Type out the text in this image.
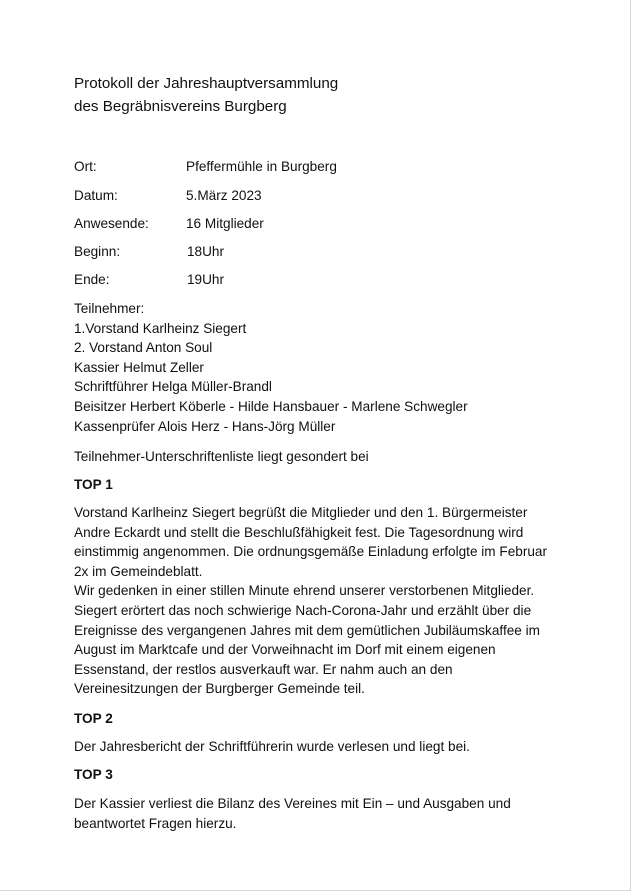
Protokoll der Jahreshauptversammlung
des Begräbnisvereins Burgberg
Ort:	Pfeffermühle in Burgberg
Datum:	5.März 2023
Anwesende:	16 Mitglieder
Beginn:	18Uhr
Ende:	19Uhr
Teilnehmer:
1.Vorstand Karlheinz Siegert
2. Vorstand Anton Soul
Kassier Helmut Zeller
Schriftführer Helga Müller-Brandl
Beisitzer Herbert Köberle - Hilde Hansbauer - Marlene Schwegler
Kassenprüfer Alois Herz - Hans-Jörg Müller
Teilnehmer-Unterschriftenliste liegt gesondert bei
TOP 1
Vorstand Karlheinz Siegert begrüßt die Mitglieder und den 1. Bürgermeister
Andre Eckardt und stellt die Beschlußfähigkeit fest. Die Tagesordnung wird
einstimmig angenommen. Die ordnungsgemäße Einladung erfolgte im Februar
2x im Gemeindeblatt.
Wir gedenken in einer stillen Minute ehrend unserer verstorbenen Mitglieder.
Siegert erörtert das noch schwierige Nach-Corona-Jahr und erzählt über die
Ereignisse des vergangenen Jahres mit dem gemütlichen Jubiläumskaffee im
August im Marktcafe und der Vorweihnacht im Dorf mit einem eigenen
Essenstand, der restlos ausverkauft war. Er nahm auch an den
Vereinesitzungen der Burgberger Gemeinde teil.
TOP 2
Der Jahresbericht der Schriftführerin wurde verlesen und liegt bei.
TOP 3
Der Kassier verliest die Bilanz des Vereines mit Ein – und Ausgaben und
beantwortet Fragen hierzu.
